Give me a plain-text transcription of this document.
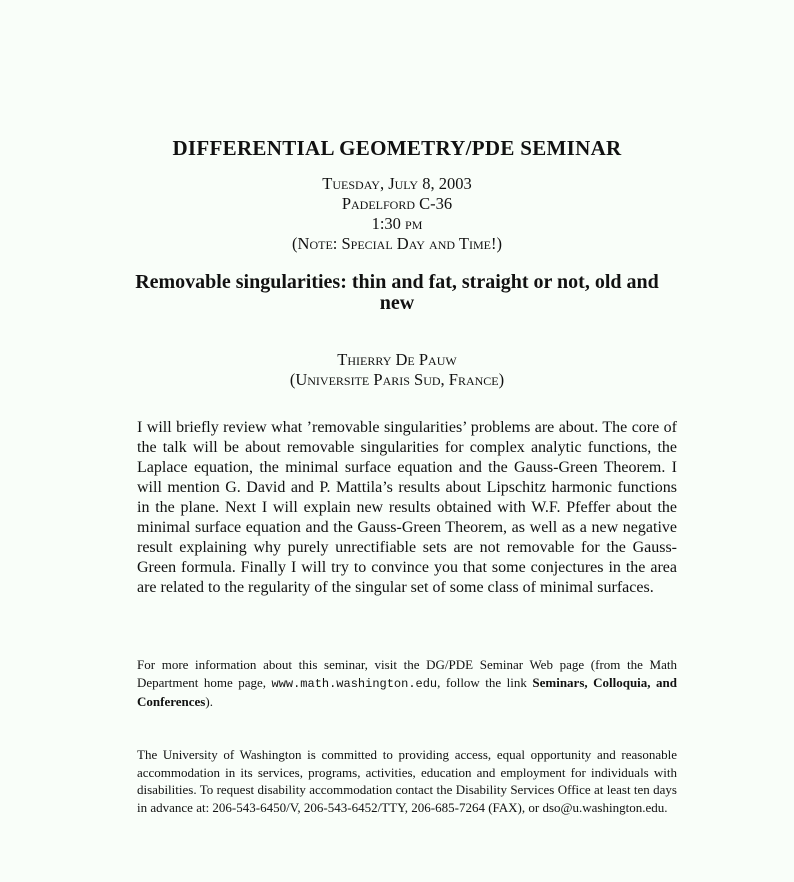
DIFFERENTIAL GEOMETRY/PDE SEMINAR
Tuesday, July 8, 2003
Padelford C-36
1:30 pm
(Note: Special Day and Time!)
Removable singularities: thin and fat, straight or not, old and new
Thierry De Pauw
(Universite Paris Sud, France)
I will briefly review what ’removable singularities’ problems are about. The core of the talk will be about removable singularities for complex analytic functions, the Laplace equation, the minimal surface equation and the Gauss-Green Theorem. I will mention G. David and P. Mattila’s results about Lipschitz harmonic functions in the plane. Next I will explain new results obtained with W.F. Pfeffer about the minimal surface equation and the Gauss-Green Theorem, as well as a new negative result explaining why purely unrectifiable sets are not removable for the Gauss-Green formula. Finally I will try to convince you that some conjectures in the area are related to the regularity of the singular set of some class of minimal surfaces.
For more information about this seminar, visit the DG/PDE Seminar Web page (from the Math Department home page, www.math.washington.edu, follow the link Seminars, Colloquia, and Conferences).
The University of Washington is committed to providing access, equal opportunity and reasonable accommodation in its services, programs, activities, education and employment for individuals with disabilities. To request disability accommodation contact the Disability Services Office at least ten days in advance at: 206-543-6450/V, 206-543-6452/TTY, 206-685-7264 (FAX), or dso@u.washington.edu.
